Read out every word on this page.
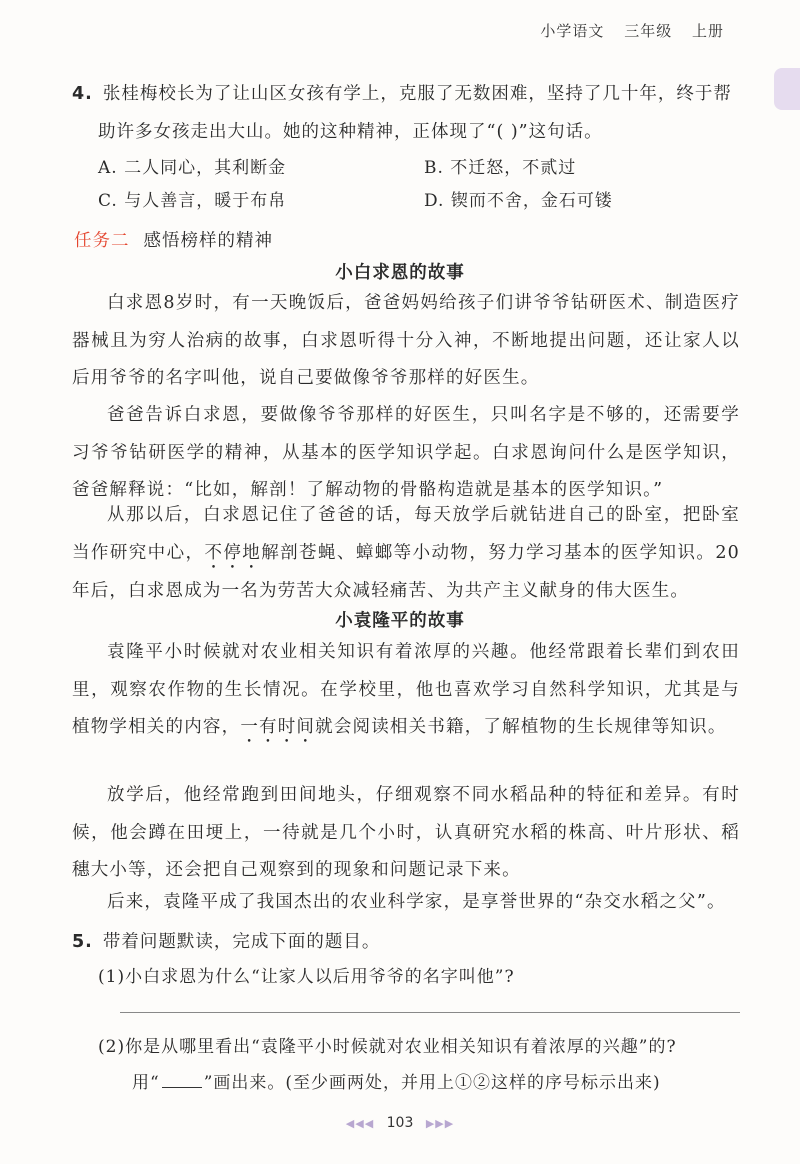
小学语文 三年级 上册
4. 张桂梅校长为了让山区女孩有学上，克服了无数困难，坚持了几十年，终于帮
助许多女孩走出大山。她的这种精神，正体现了“( )”这句话。
A. 二人同心，其利断金	B. 不迁怒，不贰过
C. 与人善言，暖于布帛	D. 锲而不舍，金石可镂
任务二 感悟榜样的精神
小白求恩的故事
白求恩8岁时，有一天晚饭后，爸爸妈妈给孩子们讲爷爷钻研医术、制造医疗器械且为穷人治病的故事，白求恩听得十分入神，不断地提出问题，还让家人以后用爷爷的名字叫他，说自己要做像爷爷那样的好医生。
爸爸告诉白求恩，要做像爷爷那样的好医生，只叫名字是不够的，还需要学习爷爷钻研医学的精神，从基本的医学知识学起。白求恩询问什么是医学知识，爸爸解释说：“比如，解剖！了解动物的骨骼构造就是基本的医学知识。”
从那以后，白求恩记住了爸爸的话，每天放学后就钻进自己的卧室，把卧室当作研究中心，不停地解剖苍蝇、蟑螂等小动物，努力学习基本的医学知识。20年后，白求恩成为一名为劳苦大众减轻痛苦、为共产主义献身的伟大医生。
小袁隆平的故事
袁隆平小时候就对农业相关知识有着浓厚的兴趣。他经常跟着长辈们到农田里，观察农作物的生长情况。在学校里，他也喜欢学习自然科学知识，尤其是与植物学相关的内容，一有时间就会阅读相关书籍，了解植物的生长规律等知识。
放学后，他经常跑到田间地头，仔细观察不同水稻品种的特征和差异。有时候，他会蹲在田埂上，一待就是几个小时，认真研究水稻的株高、叶片形状、稻穗大小等，还会把自己观察到的现象和问题记录下来。
后来，袁隆平成了我国杰出的农业科学家，是享誉世界的“杂交水稻之父”。
5. 带着问题默读，完成下面的题目。
(1)小白求恩为什么“让家人以后用爷爷的名字叫他”?
(2)你是从哪里看出“袁隆平小时候就对农业相关知识有着浓厚的兴趣”的?
用“	”画出来。(至少画两处，并用上①②这样的序号标示出来)
◀◀◀ 103 ▶▶▶
